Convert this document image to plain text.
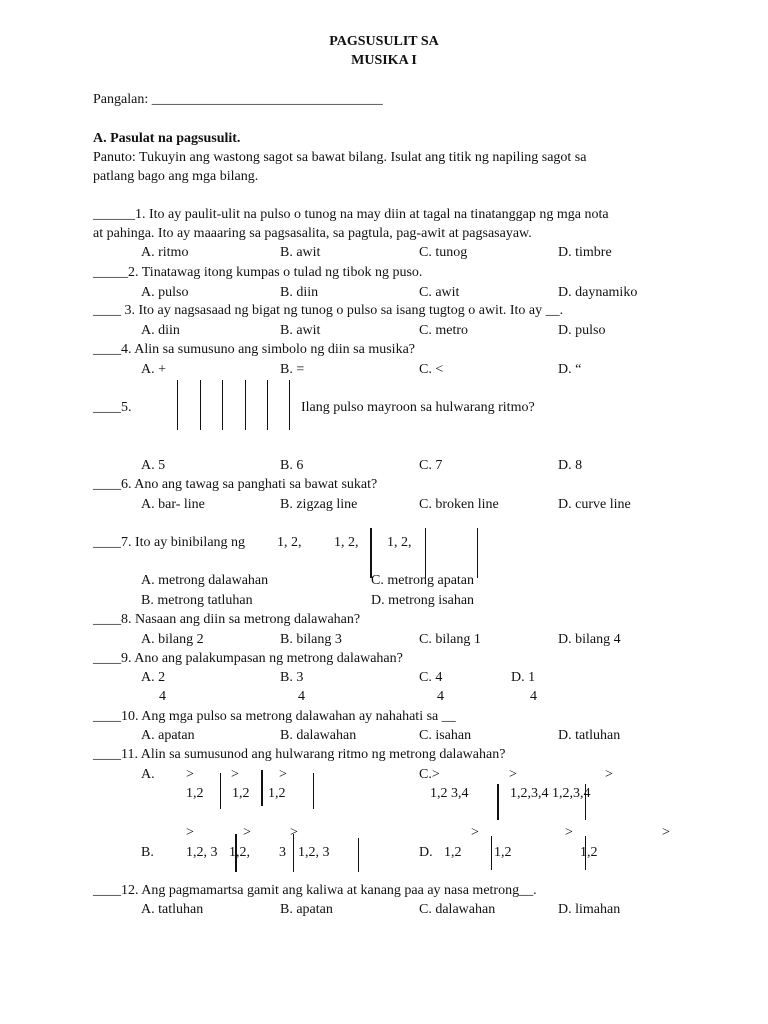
PAGSUSULIT SA
MUSIKA I
Pangalan: _________________________________
A. Pasulat na pagsusulit.
Panuto: Tukuyin ang wastong sagot sa bawat bilang. Isulat ang titik ng napiling sagot sa
patlang bago ang mga bilang.
______1. Ito ay paulit-ulit na pulso o tunog na may diin at tagal na tinatanggap ng mga nota
at pahinga. Ito ay maaaring sa pagsasalita, sa pagtula, pag-awit at pagsasayaw.
A. ritmo	B. awit	C. tunog	D. timbre
_____2. Tinatawag itong kumpas o tulad ng tibok ng puso.
A. pulso	B. diin	C. awit	D. daynamiko
____ 3. Ito ay nagsasaad ng bigat ng tunog o pulso sa isang tugtog o awit. Ito ay __.
A. diin	B. awit	C. metro	D. pulso
____4. Alin sa sumusuno ang simbolo ng diin sa musika?
A. +	B. =	C. <	D. “
____5.	Ilang pulso mayroon sa hulwarang ritmo?
A. 5	B. 6	C. 7	D. 8
____6. Ano ang tawag sa panghati sa bawat sukat?
A. bar- line	B. zigzag line	C. broken line	D. curve line
____7. Ito ay binibilang ng 1, 2, 1, 2, 1, 2,
A. metrong dalawahan	C. metrong apatan
B. metrong tatluhan	D. metrong isahan
____8. Nasaan ang diin sa metrong dalawahan?
A. bilang 2	B. bilang 3	C. bilang 1	D. bilang 4
____9. Ano ang palakumpasan ng metrong dalawahan?
A. 2	B. 3	C. 4	D. 1
4	4	4	4
____10. Ang mga pulso sa metrong dalawahan ay nahahati sa __
A. apatan	B. dalawahan	C. isahan	D. tatluhan
____11. Alin sa sumusunod ang hulwarang ritmo ng metrong dalawahan?
A. >	>	>
1,2 1,2 1,2
C.>	>	>
1,2 3,4	1,2,3,4 1,2,3,4
>	>	>
B. 1,2, 3 1,2, 3 1,2, 3
>	>	>
D. 1,2 1,2	1,2
____12. Ang pagmamartsa gamit ang kaliwa at kanang paa ay nasa metrong__.
A. tatluhan	B. apatan	C. dalawahan	D. limahan
